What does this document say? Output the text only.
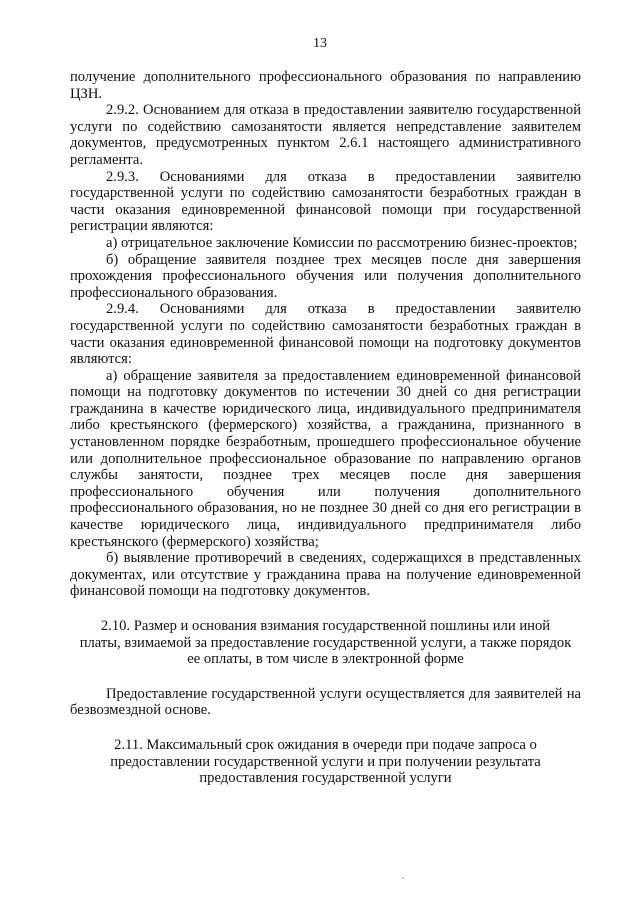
13

получение дополнительного профессионального образования по направлению ЦЗН.

2.9.2. Основанием для отказа в предоставлении заявителю государственной услуги по содействию самозанятости является непредставление заявителем документов, предусмотренных пунктом 2.6.1 настоящего административного регламента.

2.9.3. Основаниями для отказа в предоставлении заявителю государственной услуги по содействию самозанятости безработных граждан в части оказания единовременной финансовой помощи при государственной регистрации являются:

а) отрицательное заключение Комиссии по рассмотрению бизнес-проектов;

б) обращение заявителя позднее трех месяцев после дня завершения прохождения профессионального обучения или получения дополнительного профессионального образования.

2.9.4. Основаниями для отказа в предоставлении заявителю государственной услуги по содействию самозанятости безработных граждан в части оказания единовременной финансовой помощи на подготовку документов являются:

а) обращение заявителя за предоставлением единовременной финансовой помощи на подготовку документов по истечении 30 дней со дня регистрации гражданина в качестве юридического лица, индивидуального предпринимателя либо крестьянского (фермерского) хозяйства, а гражданина, признанного в установленном порядке безработным, прошедшего профессиональное обучение или дополнительное профессиональное образование по направлению органов службы занятости, позднее трех месяцев после дня завершения профессионального обучения или получения дополнительного профессионального образования, но не позднее 30 дней со дня его регистрации в качестве юридического лица, индивидуального предпринимателя либо крестьянского (фермерского) хозяйства;

б) выявление противоречий в сведениях, содержащихся в представленных документах, или отсутствие у гражданина права на получение единовременной финансовой помощи на подготовку документов.

2.10. Размер и основания взимания государственной пошлины или иной

платы, взимаемой за предоставление государственной услуги, а также порядок

ее оплаты, в том числе в электронной форме

Предоставление государственной услуги осуществляется для заявителей на безвозмездной основе.

2.11. Максимальный срок ожидания в очереди при подаче запроса о

предоставлении государственной услуги и при получении результата

предоставления государственной услуги
